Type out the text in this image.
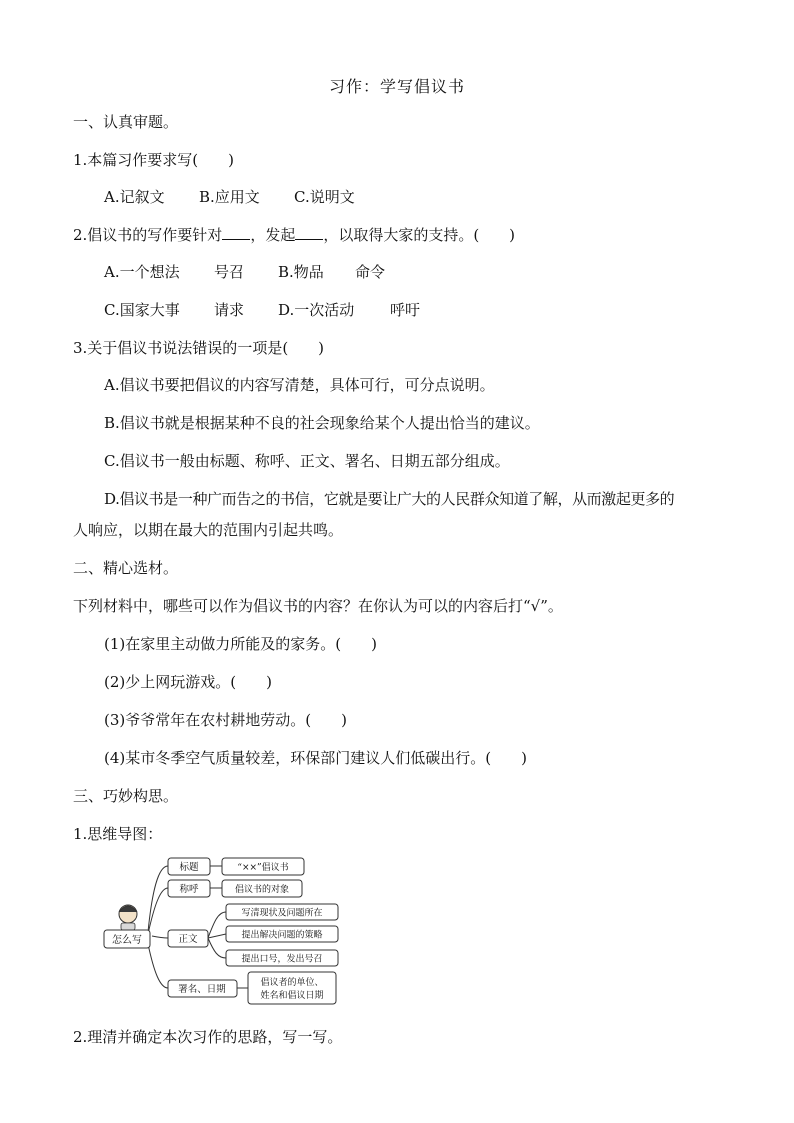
习作：学写倡议书
一、认真审题。
1.本篇习作要求写(　　)
A.记叙文 B.应用文 C.说明文
2.倡议书的写作要针对 ，发起 ，以取得大家的支持。(　　)
A.一个想法 号召 B.物品 命令
C.国家大事 请求 D.一次活动 呼吁
3.关于倡议书说法错误的一项是(　　)
A.倡议书要把倡议的内容写清楚，具体可行，可分点说明。
B.倡议书就是根据某种不良的社会现象给某个人提出恰当的建议。
C.倡议书一般由标题、称呼、正文、署名、日期五部分组成。
D.倡议书是一种广而告之的书信，它就是要让广大的人民群众知道了解，从而激起更多的
人响应，以期在最大的范围内引起共鸣。
二、精心选材。
下列材料中，哪些可以作为倡议书的内容？在你认为可以的内容后打“√”。
(1)在家里主动做力所能及的家务。(　　)
(2)少上网玩游戏。(　　)
(3)爷爷常年在农村耕地劳动。(　　)
(4)某市冬季空气质量较差，环保部门建议人们低碳出行。(　　)
三、巧妙构思。
1.思维导图：
怎么写
标题	“××”倡议书
称呼	倡议书的对象
正文
写清现状及问题所在
提出解决问题的策略
提出口号，发出号召
署名、日期
倡议者的单位、
姓名和倡议日期
2.理清并确定本次习作的思路，写一写。
